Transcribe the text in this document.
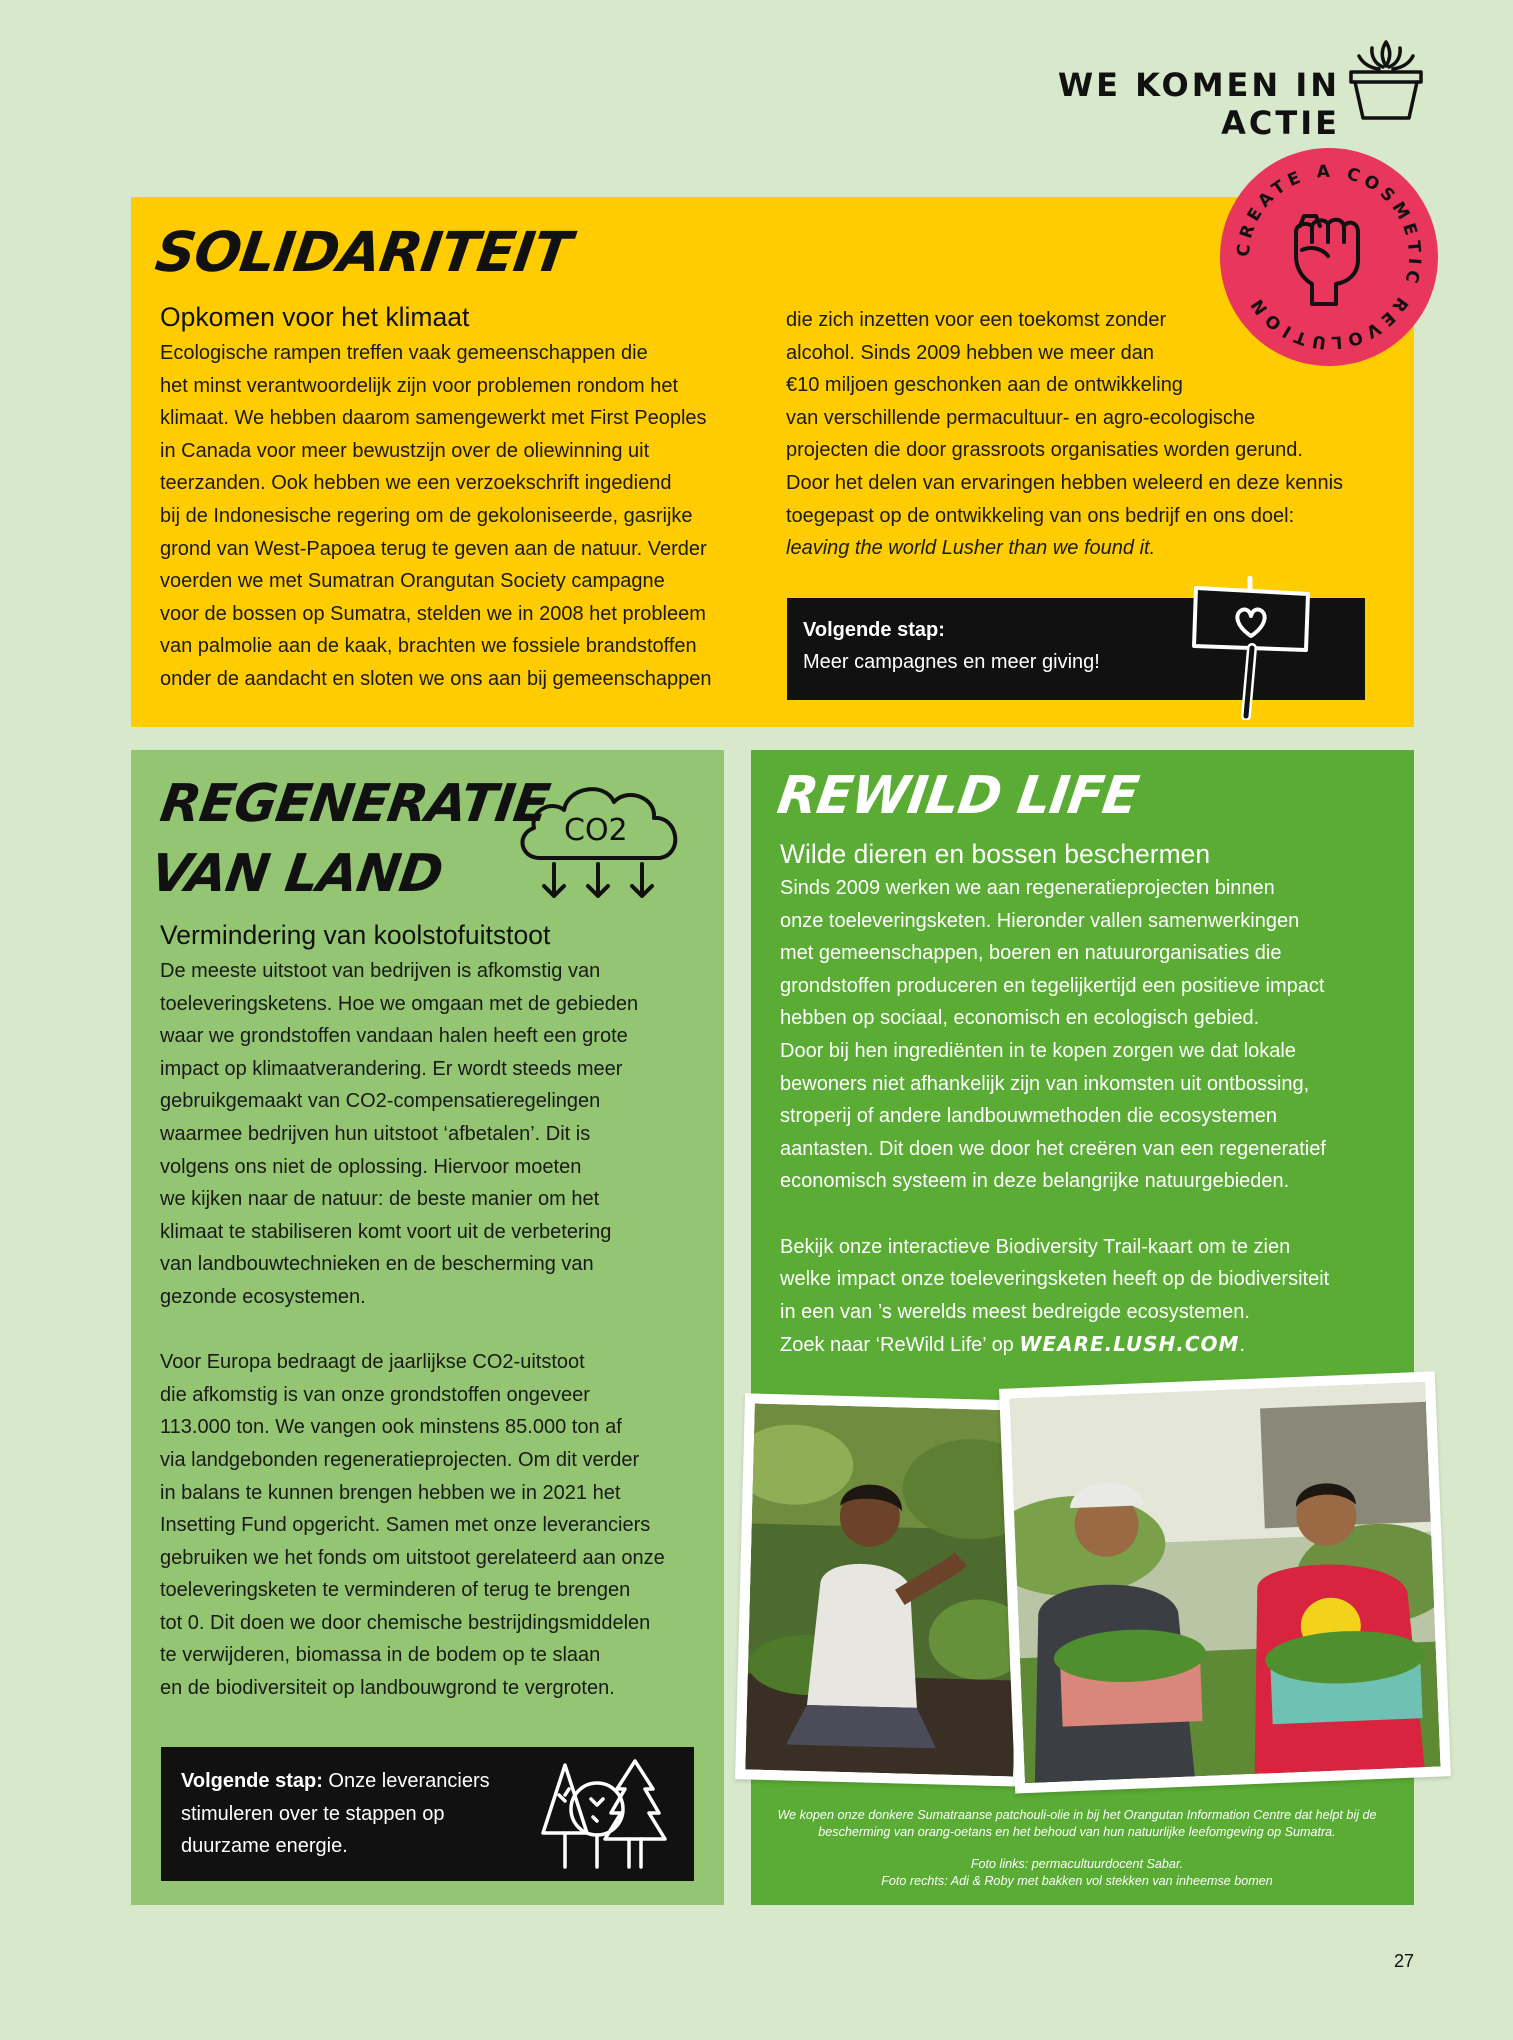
WE KOMEN IN ACTIE
SOLIDARITEIT
Opkomen voor het klimaat

Ecologische rampen treffen vaak gemeenschappen die

het minst verantwoordelijk zijn voor problemen rondom het

klimaat. We hebben daarom samengewerkt met First Peoples

in Canada voor meer bewustzijn over de oliewinning uit

teerzanden. Ook hebben we een verzoekschrift ingediend

bij de Indonesische regering om de gekoloniseerde, gasrijke

grond van West-Papoea terug te geven aan de natuur. Verder

voerden we met Sumatran Orangutan Society campagne

voor de bossen op Sumatra, stelden we in 2008 het probleem

van palmolie aan de kaak, brachten we fossiele brandstoffen

onder de aandacht en sloten we ons aan bij gemeenschappen

die zich inzetten voor een toekomst zonder

alcohol. Sinds 2009 hebben we meer dan

€10 miljoen geschonken aan de ontwikkeling

van verschillende permacultuur- en agro-ecologische

projecten die door grassroots organisaties worden gerund.

Door het delen van ervaringen hebben weleerd en deze kennis

toegepast op de ontwikkeling van ons bedrijf en ons doel:

leaving the world Lusher than we found it.

CREATE A COSMETIC REVOLUTION
Volgende stap:
Meer campagnes en meer giving!
REGENERATIE
VAN LAND
CO2
Vermindering van koolstofuitstoot

De meeste uitstoot van bedrijven is afkomstig van

toeleveringsketens. Hoe we omgaan met de gebieden

waar we grondstoffen vandaan halen heeft een grote

impact op klimaatverandering. Er wordt steeds meer

gebruikgemaakt van CO2-compensatieregelingen

waarmee bedrijven hun uitstoot ‘afbetalen’. Dit is

volgens ons niet de oplossing. Hiervoor moeten

we kijken naar de natuur: de beste manier om het

klimaat te stabiliseren komt voort uit de verbetering

van landbouwtechnieken en de bescherming van

gezonde ecosystemen.

Voor Europa bedraagt de jaarlijkse CO2-uitstoot

die afkomstig is van onze grondstoffen ongeveer

113.000 ton. We vangen ook minstens 85.000 ton af

via landgebonden regeneratieprojecten. Om dit verder

in balans te kunnen brengen hebben we in 2021 het

Insetting Fund opgericht. Samen met onze leveranciers

gebruiken we het fonds om uitstoot gerelateerd aan onze

toeleveringsketen te verminderen of terug te brengen

tot 0. Dit doen we door chemische bestrijdingsmiddelen

te verwijderen, biomassa in de bodem op te slaan

en de biodiversiteit op landbouwgrond te vergroten.

Volgende stap: Onze leveranciers stimuleren over te stappen op duurzame energie.
REWILD LIFE
Wilde dieren en bossen beschermen

Sinds 2009 werken we aan regeneratieprojecten binnen

onze toeleveringsketen. Hieronder vallen samenwerkingen

met gemeenschappen, boeren en natuurorganisaties die

grondstoffen produceren en tegelijkertijd een positieve impact

hebben op sociaal, economisch en ecologisch gebied.

Door bij hen ingrediënten in te kopen zorgen we dat lokale

bewoners niet afhankelijk zijn van inkomsten uit ontbossing,

stroperij of andere landbouwmethoden die ecosystemen

aantasten. Dit doen we door het creëren van een regeneratief

economisch systeem in deze belangrijke natuurgebieden.

Bekijk onze interactieve Biodiversity Trail-kaart om te zien

welke impact onze toeleveringsketen heeft op de biodiversiteit

in een van ’s werelds meest bedreigde ecosystemen.

Zoek naar ‘ReWild Life’ op WEARE.LUSH.COM.

We kopen onze donkere Sumatraanse patchouli-olie in bij het Orangutan Information Centre dat helpt bij de bescherming van orang-oetans en het behoud van hun natuurlijke leefomgeving op Sumatra.
Foto links: permacultuurdocent Sabar.
Foto rechts: Adi & Roby met bakken vol stekken van inheemse bomen
27
